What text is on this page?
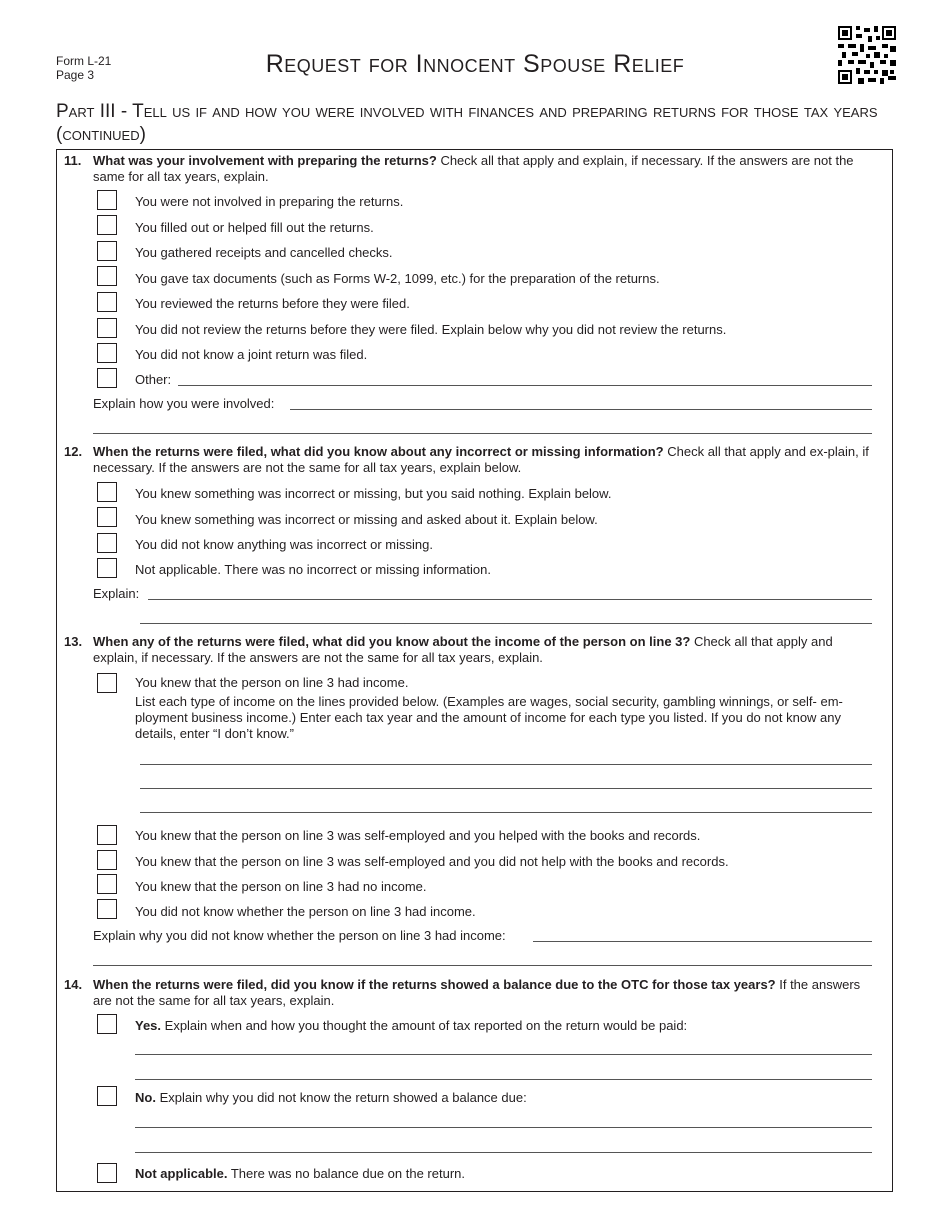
Form L-21
Page 3	Request for Innocent Spouse Relief
Part III - Tell us if and how you were involved with finances and preparing returns for those tax years (continued)
11. What was your involvement with preparing the returns? Check all that apply and explain, if necessary. If the answers are not the same for all tax years, explain.
You were not involved in preparing the returns.
You filled out or helped fill out the returns.
You gathered receipts and cancelled checks.
You gave tax documents (such as Forms W-2, 1099, etc.) for the preparation of the returns.
You reviewed the returns before they were filed.
You did not review the returns before they were filed. Explain below why you did not review the returns.
You did not know a joint return was filed.
Other:
Explain how you were involved:
12. When the returns were filed, what did you know about any incorrect or missing information? Check all that apply and ex-plain, if necessary. If the answers are not the same for all tax years, explain below.
You knew something was incorrect or missing, but you said nothing. Explain below.
You knew something was incorrect or missing and asked about it. Explain below.
You did not know anything was incorrect or missing.
Not applicable. There was no incorrect or missing information.
Explain:
13. When any of the returns were filed, what did you know about the income of the person on line 3? Check all that apply and explain, if necessary. If the answers are not the same for all tax years, explain.
You knew that the person on line 3 had income.
List each type of income on the lines provided below. (Examples are wages, social security, gambling winnings, or self- em-ployment business income.) Enter each tax year and the amount of income for each type you listed. If you do not know any details, enter “I don’t know.”
You knew that the person on line 3 was self-employed and you helped with the books and records.
You knew that the person on line 3 was self-employed and you did not help with the books and records.
You knew that the person on line 3 had no income.
You did not know whether the person on line 3 had income.
Explain why you did not know whether the person on line 3 had income:
14. When the returns were filed, did you know if the returns showed a balance due to the OTC for those tax years? If the answers are not the same for all tax years, explain.
Yes. Explain when and how you thought the amount of tax reported on the return would be paid:
No. Explain why you did not know the return showed a balance due:
Not applicable. There was no balance due on the return.
